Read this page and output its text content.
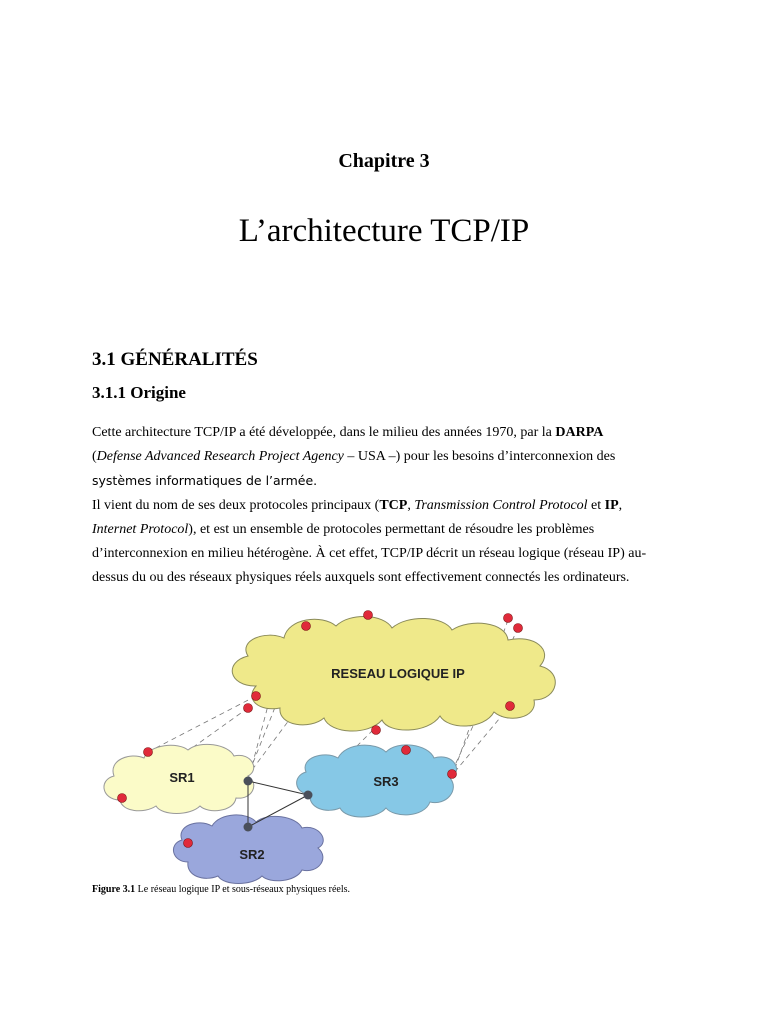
Chapitre 3
L’architecture TCP/IP
3.1 GÉNÉRALITÉS
3.1.1 Origine

Cette architecture TCP/IP a été développée, dans le milieu des années 1970, par la DARPA
(Defense Advanced Research Project Agency – USA –) pour les besoins d’interconnexion des
systèmes informatiques de l’armée.

Il vient du nom de ses deux protocoles principaux (TCP, Transmission Control Protocol et IP,
Internet Protocol), et est un ensemble de protocoles permettant de résoudre les problèmes d’interconnexion en milieu hétérogène. À cet effet, TCP/IP décrit un réseau logique (réseau IP) au-dessus du ou des réseaux physiques réels auxquels sont effectivement connectés les ordinateurs.

RESEAU LOGIQUE IP
SR1	SR3
SR2

Figure 3.1 Le réseau logique IP et sous-réseaux physiques réels.
